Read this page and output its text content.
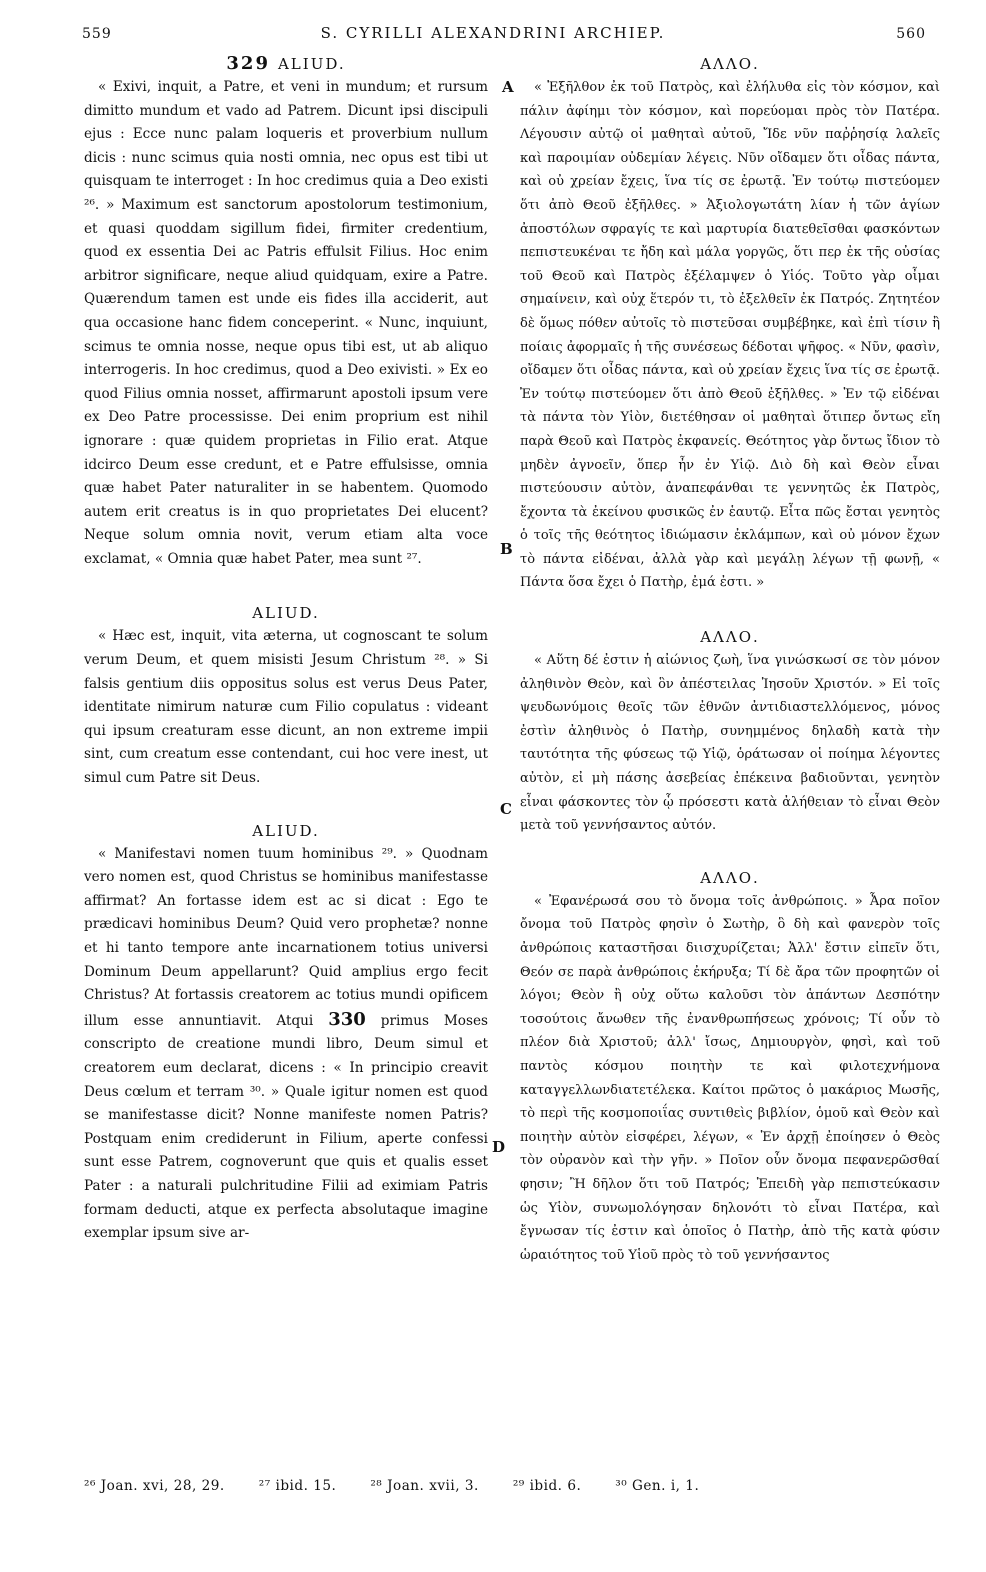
559	S. CYRILLI ALEXANDRINI ARCHIEP.	560
A
B
C
D
329 ALIUD.

« Exivi, inquit, a Patre, et veni in mundum; et rursum dimitto mundum et vado ad Patrem. Dicunt ipsi discipuli ejus : Ecce nunc palam loqueris et proverbium nullum dicis : nunc scimus quia nosti omnia, nec opus est tibi ut quisquam te interroget : In hoc credimus quia a Deo existi ²⁶. » Maximum est sanctorum apostolorum testimonium, et quasi quoddam sigillum fidei, firmiter credentium, quod ex essentia Dei ac Patris effulsit Filius. Hoc enim arbitror significare, neque aliud quidquam, exire a Patre. Quærendum tamen est unde eis fides illa acciderit, aut qua occasione hanc fidem conceperint. « Nunc, inquiunt, scimus te omnia nosse, neque opus tibi est, ut ab aliquo interrogeris. In hoc credimus, quod a Deo exivisti. » Ex eo quod Filius omnia nosset, affirmarunt apostoli ipsum vere ex Deo Patre processisse. Dei enim proprium est nihil ignorare : quæ quidem proprietas in Filio erat. Atque idcirco Deum esse credunt, et e Patre effulsisse, omnia quæ habet Pater naturaliter in se habentem. Quomodo autem erit creatus is in quo proprietates Dei elucent? Neque solum omnia novit, verum etiam alta voce exclamat, « Omnia quæ habet Pater, mea sunt ²⁷.

ALIUD.

« Hæc est, inquit, vita æterna, ut cognoscant te solum verum Deum, et quem misisti Jesum Christum ²⁸. » Si falsis gentium diis oppositus solus est verus Deus Pater, identitate nimirum naturæ cum Filio copulatus : videant qui ipsum creaturam esse dicunt, an non extreme impii sint, cum creatum esse contendant, cui hoc vere inest, ut simul cum Patre sit Deus.

ALIUD.

« Manifestavi nomen tuum hominibus ²⁹. » Quodnam vero nomen est, quod Christus se hominibus manifestasse affirmat? An fortasse idem est ac si dicat : Ego te prædicavi hominibus Deum? Quid vero prophetæ? nonne et hi tanto tempore ante incarnationem totius universi Dominum Deum appellarunt? Quid amplius ergo fecit Christus? At fortassis creatorem ac totius mundi opificem illum esse annuntiavit. Atqui 330 primus Moses conscripto de creatione mundi libro, Deum simul et creatorem eum declarat, dicens : « In principio creavit Deus cœlum et terram ³⁰. » Quale igitur nomen est quod se manifestasse dicit? Nonne manifeste nomen Patris? Postquam enim crediderunt in Filium, aperte confessi sunt esse Patrem, cognoverunt que quis et qualis esset Pater : a naturali pulchritudine Filii ad eximiam Patris formam deducti, atque ex perfecta absolutaque imagine exemplar ipsum sive ar-

ΑΛΛΟ.

« Ἐξῆλθον ἐκ τοῦ Πατρὸς, καὶ ἐλήλυθα εἰς τὸν κόσμον, καὶ πάλιν ἀφίημι τὸν κόσμον, καὶ πορεύομαι πρὸς τὸν Πατέρα. Λέγουσιν αὐτῷ οἱ μαθηταὶ αὐτοῦ, Ἴδε νῦν παῤῥησίᾳ λαλεῖς καὶ παροιμίαν οὐδεμίαν λέγεις. Νῦν οἴδαμεν ὅτι οἶδας πάντα, καὶ οὐ χρείαν ἔχεις, ἵνα τίς σε ἐρωτᾷ. Ἐν τούτῳ πιστεύομεν ὅτι ἀπὸ Θεοῦ ἐξῆλθες. » Ἀξιολογωτάτη λίαν ἡ τῶν ἁγίων ἀποστόλων σφραγίς τε καὶ μαρτυρία διατεθεῖσθαι φασκόντων πεπιστευκέναι τε ἤδη καὶ μάλα γοργῶς, ὅτι περ ἐκ τῆς οὐσίας τοῦ Θεοῦ καὶ Πατρὸς ἐξέλαμψεν ὁ Υἱός. Τοῦτο γὰρ οἶμαι σημαίνειν, καὶ οὐχ ἕτερόν τι, τὸ ἐξελθεῖν ἐκ Πατρός. Ζητητέον δὲ ὅμως πόθεν αὐτοῖς τὸ πιστεῦσαι συμβέβηκε, καὶ ἐπὶ τίσιν ἢ ποίαις ἀφορμαῖς ἡ τῆς συνέσεως δέδοται ψῆφος. « Νῦν, φασὶν, οἴδαμεν ὅτι οἶδας πάντα, καὶ οὐ χρείαν ἔχεις ἵνα τίς σε ἐρωτᾷ. Ἐν τούτῳ πιστεύομεν ὅτι ἀπὸ Θεοῦ ἐξῆλθες. » Ἐν τῷ εἰδέναι τὰ πάντα τὸν Υἱὸν, διετέθησαν οἱ μαθηταὶ ὅτιπερ ὄντως εἴη παρὰ Θεοῦ καὶ Πατρὸς ἐκφανείς. Θεότητος γὰρ ὄντως ἴδιον τὸ μηδὲν ἀγνοεῖν, ὅπερ ἦν ἐν Υἱῷ. Διὸ δὴ καὶ Θεὸν εἶναι πιστεύουσιν αὐτὸν, ἀναπεφάνθαι τε γεννητῶς ἐκ Πατρὸς, ἔχοντα τὰ ἐκείνου φυσικῶς ἐν ἑαυτῷ. Εἶτα πῶς ἔσται γενητὸς ὁ τοῖς τῆς θεότητος ἰδιώμασιν ἐκλάμπων, καὶ οὐ μόνον ἔχων τὸ πάντα εἰδέναι, ἀλλὰ γὰρ καὶ μεγάλῃ λέγων τῇ φωνῇ, « Πάντα ὅσα ἔχει ὁ Πατὴρ, ἐμά ἐστι. »

ΑΛΛΟ.

« Αὕτη δέ ἐστιν ἡ αἰώνιος ζωὴ, ἵνα γινώσκωσί σε τὸν μόνον ἀληθινὸν Θεὸν, καὶ ὃν ἀπέστειλας Ἰησοῦν Χριστόν. » Εἰ τοῖς ψευδωνύμοις θεοῖς τῶν ἐθνῶν ἀντιδιαστελλόμενος, μόνος ἐστὶν ἀληθινὸς ὁ Πατὴρ, συνημμένος δηλαδὴ κατὰ τὴν ταυτότητα τῆς φύσεως τῷ Υἱῷ, ὁράτωσαν οἱ ποίημα λέγοντες αὐτὸν, εἰ μὴ πάσης ἀσεβείας ἐπέκεινα βαδιοῦνται, γενητὸν εἶναι φάσκοντες τὸν ᾧ πρόσεστι κατὰ ἀλήθειαν τὸ εἶναι Θεὸν μετὰ τοῦ γεννήσαντος αὐτόν.

ΑΛΛΟ.

« Ἐφανέρωσά σου τὸ ὄνομα τοῖς ἀνθρώποις. » Ἆρα ποῖον ὄνομα τοῦ Πατρὸς φησὶν ὁ Σωτὴρ, ὃ δὴ καὶ φανερὸν τοῖς ἀνθρώποις καταστῆσαι διισχυρίζεται; Ἀλλ' ἔστιν εἰπεῖν ὅτι, Θεόν σε παρὰ ἀνθρώποις ἐκήρυξα; Τί δὲ ἄρα τῶν προφητῶν οἱ λόγοι; Θεὸν ἢ οὐχ οὕτω καλοῦσι τὸν ἁπάντων Δεσπότην τοσούτοις ἄνωθεν τῆς ἐνανθρωπήσεως χρόνοις; Τί οὖν τὸ πλέον διὰ Χριστοῦ; ἀλλ' ἴσως, Δημιουργὸν, φησὶ, καὶ τοῦ παντὸς κόσμου ποιητὴν τε καὶ φιλοτεχνήμονα καταγγελλωνδιατετέλεκα. Καίτοι πρῶτος ὁ μακάριος Μωσῆς, τὸ περὶ τῆς κοσμοποιΐας συντιθεὶς βιβλίον, ὁμοῦ καὶ Θεὸν καὶ ποιητὴν αὐτὸν εἰσφέρει, λέγων, « Ἐν ἀρχῇ ἐποίησεν ὁ Θεὸς τὸν οὐρανὸν καὶ τὴν γῆν. » Ποῖον οὖν ὄνομα πεφανερῶσθαί φησιν; Ἢ δῆλον ὅτι τοῦ Πατρός; Ἐπειδὴ γὰρ πεπιστεύκασιν ὡς Υἱὸν, συνωμολόγησαν δηλονότι τὸ εἶναι Πατέρα, καὶ ἔγνωσαν τίς ἐστιν καὶ ὁποῖος ὁ Πατὴρ, ἀπὸ τῆς κατὰ φύσιν ὡραιότητος τοῦ Υἱοῦ πρὸς τὸ τοῦ γεννήσαντος

²⁶ Joan. xvi, 28, 29.	²⁷ ibid. 15.	²⁸ Joan. xvii, 3.	²⁹ ibid. 6.	³⁰ Gen. i, 1.
